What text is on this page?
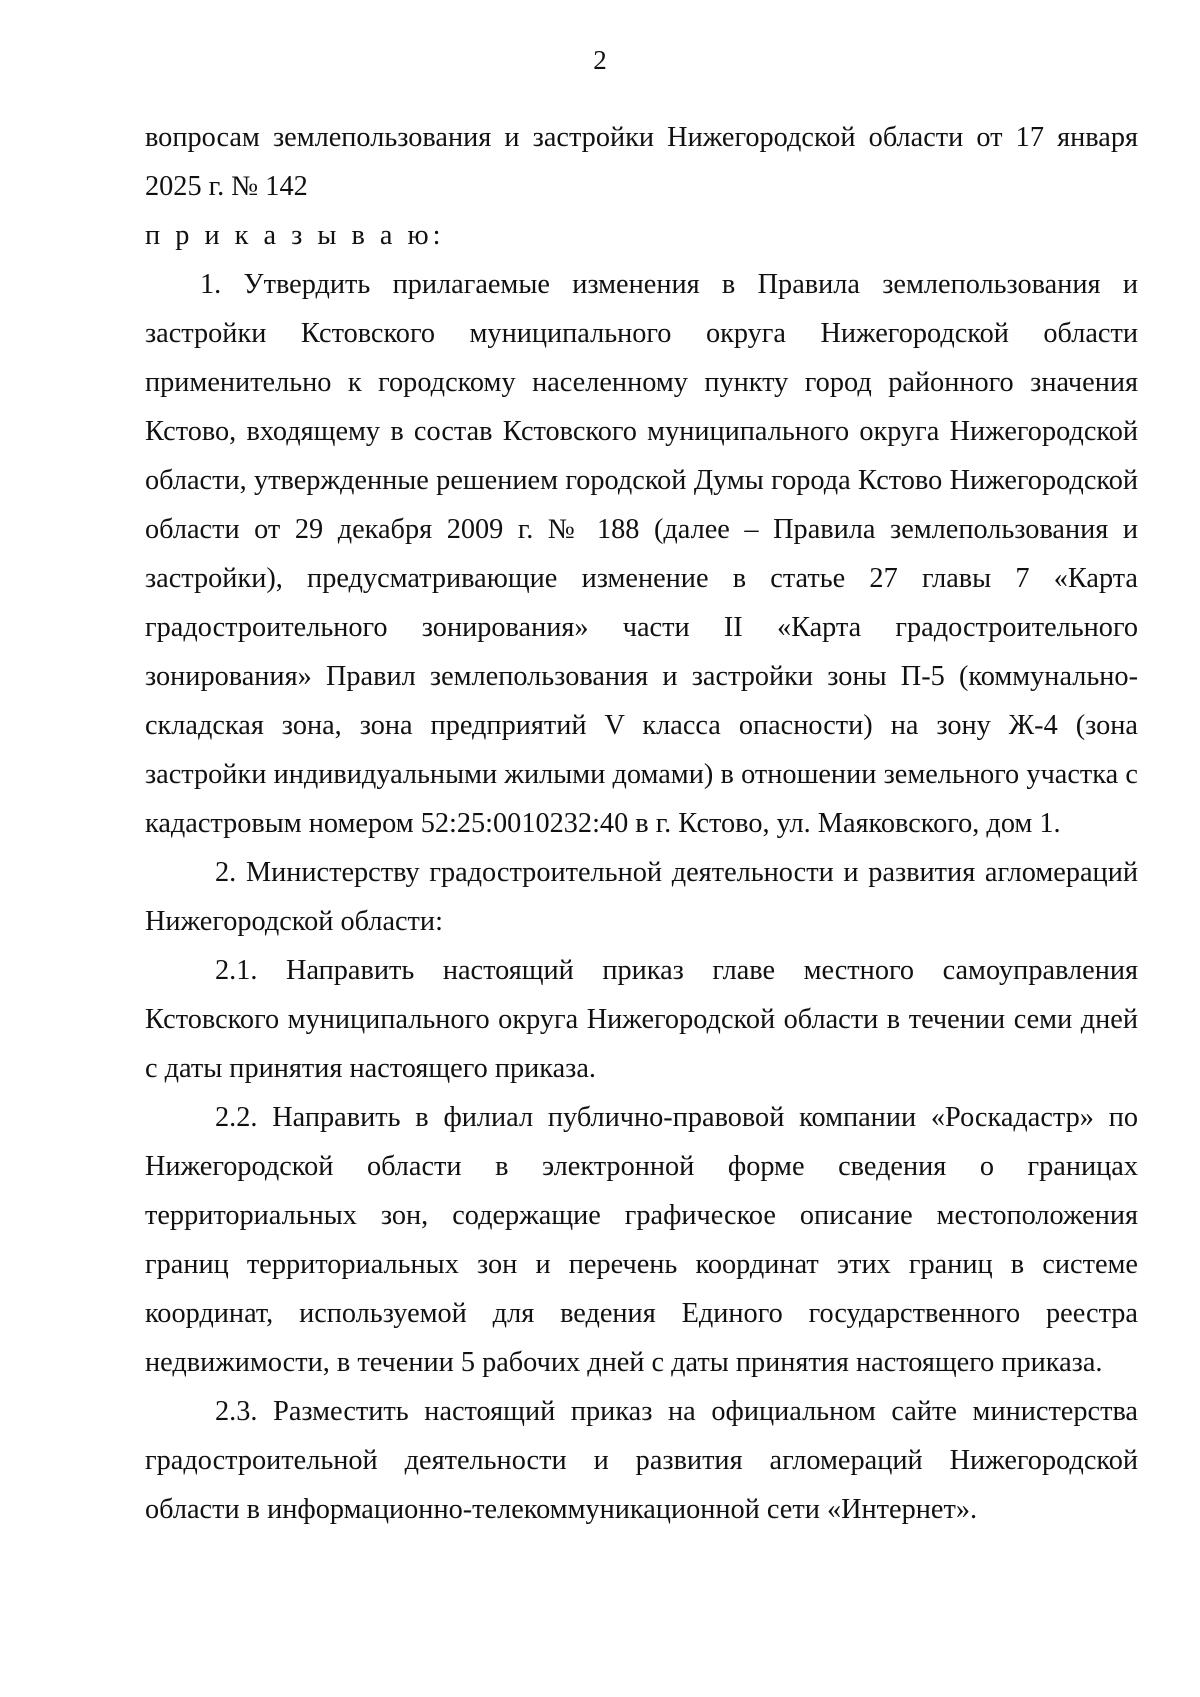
2

вопросам землепользования и застройки Нижегородской области от 17 января 2025 г. № 142

п р и к а з ы в а ю:

1. Утвердить прилагаемые изменения в Правила землепользования и застройки Кстовского муниципального округа Нижегородской области применительно к городскому населенному пункту город районного значения Кстово, входящему в состав Кстовского муниципального округа Нижегородской области, утвержденные решением городской Думы города Кстово Нижегородской области от 29 декабря 2009 г. № 188 (далее – Правила землепользования и застройки), предусматривающие изменение в статье 27 главы 7 «Карта градостроительного зонирования» части II «Карта градостроительного зонирования» Правил землепользования и застройки зоны П-5 (коммунально-складская зона, зона предприятий V класса опасности) на зону Ж-4 (зона застройки индивидуальными жилыми домами) в отношении земельного участка с кадастровым номером 52:25:0010232:40 в г. Кстово, ул. Маяковского, дом 1.

2. Министерству градостроительной деятельности и развития агломераций Нижегородской области:

2.1. Направить настоящий приказ главе местного самоуправления Кстовского муниципального округа Нижегородской области в течении семи дней с даты принятия настоящего приказа.

2.2. Направить в филиал публично-правовой компании «Роскадастр» по Нижегородской области в электронной форме сведения о границах территориальных зон, содержащие графическое описание местоположения границ территориальных зон и перечень координат этих границ в системе координат, используемой для ведения Единого государственного реестра недвижимости, в течении 5 рабочих дней с даты принятия настоящего приказа.

2.3. Разместить настоящий приказ на официальном сайте министерства градостроительной деятельности и развития агломераций Нижегородской области в информационно-телекоммуникационной сети «Интернет».
